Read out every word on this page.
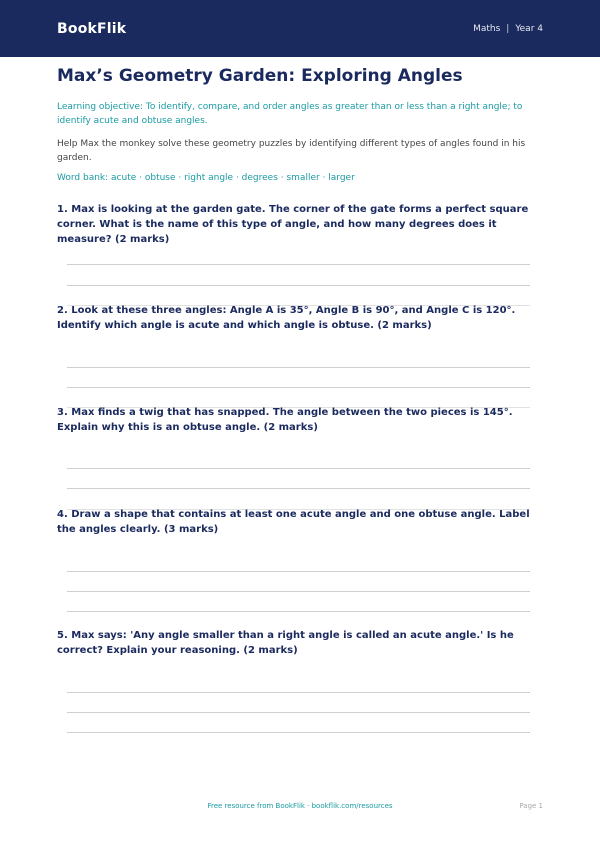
BookFlik	Maths | Year 4
Max’s Geometry Garden: Exploring Angles

Learning objective: To identify, compare, and order angles as greater than or less than a right angle; to identify acute and obtuse angles.

Help Max the monkey solve these geometry puzzles by identifying different types of angles found in his garden.

Word bank: acute · obtuse · right angle · degrees · smaller · larger

1. Max is looking at the garden gate. The corner of the gate forms a perfect square corner. What is the name of this type of angle, and how many degrees does it measure? (2 marks)

2. Look at these three angles: Angle A is 35°, Angle B is 90°, and Angle C is 120°. Identify which angle is acute and which angle is obtuse. (2 marks)

3. Max finds a twig that has snapped. The angle between the two pieces is 145°. Explain why this is an obtuse angle. (2 marks)

4. Draw a shape that contains at least one acute angle and one obtuse angle. Label the angles clearly. (3 marks)

5. Max says: 'Any angle smaller than a right angle is called an acute angle.' Is he correct? Explain your reasoning. (2 marks)

Free resource from BookFlik · bookflik.com/resources	Page 1
